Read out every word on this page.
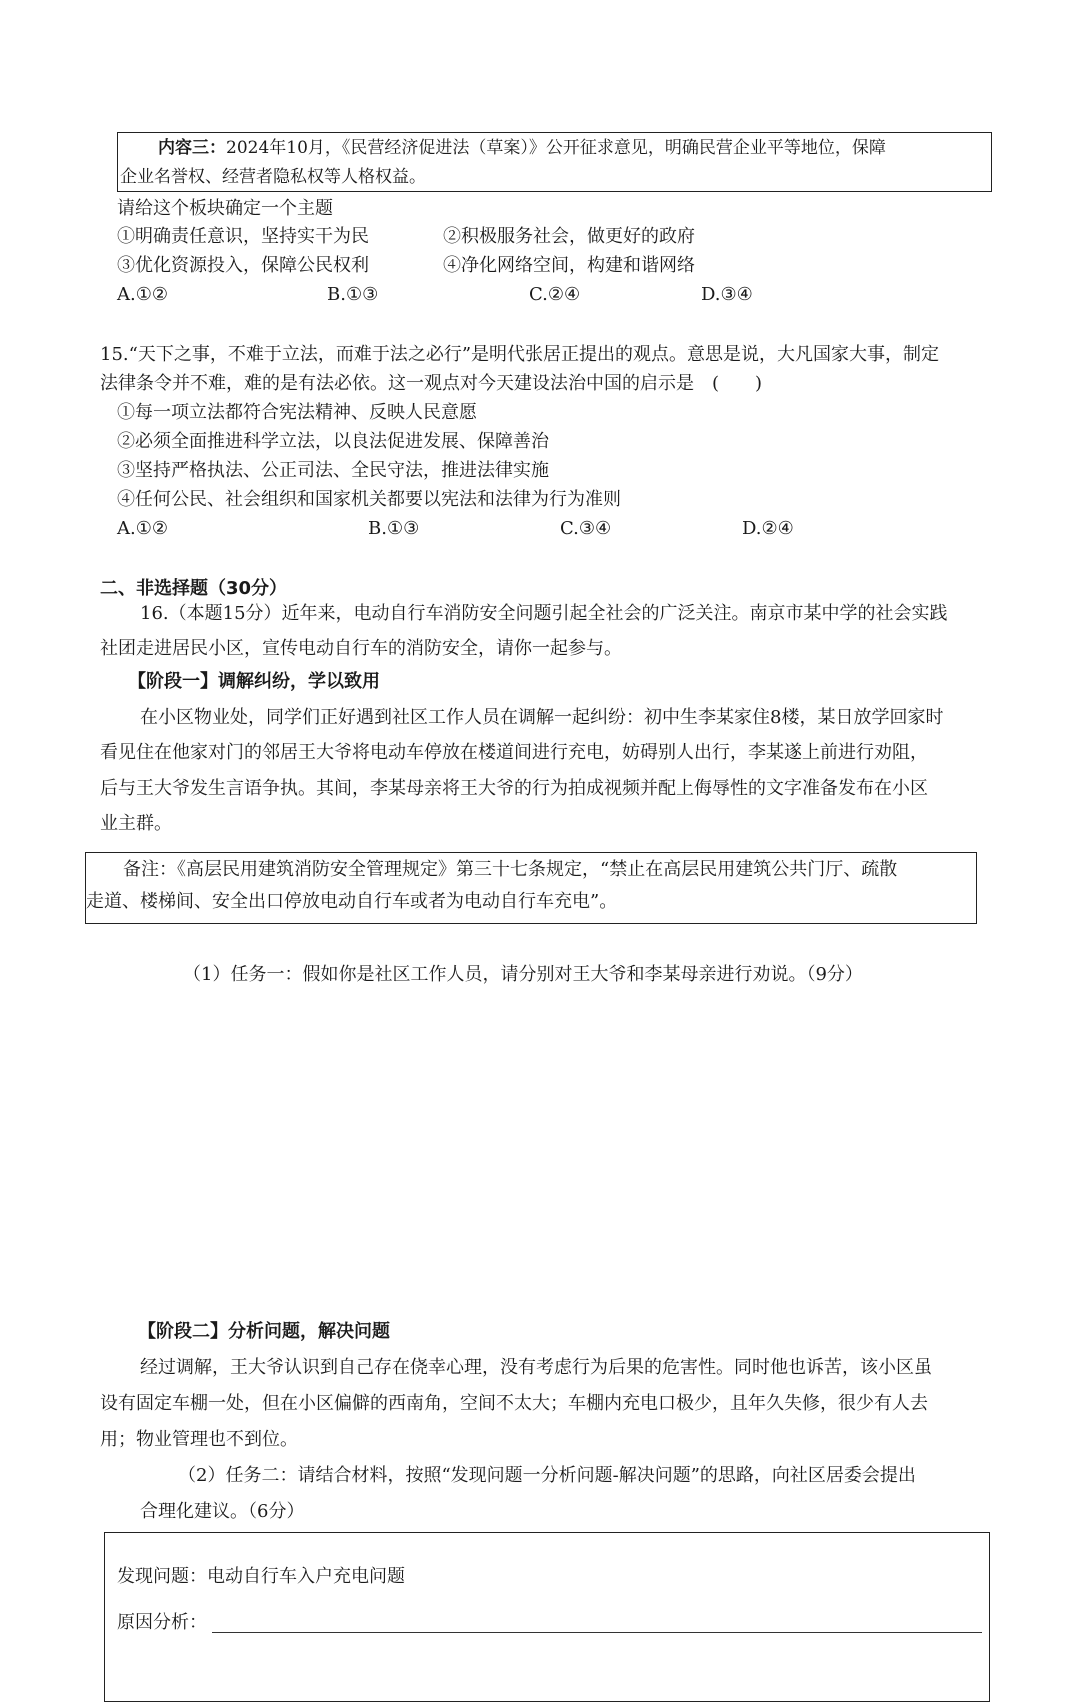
内容三：2024年10月，《民营经济促进法（草案）》公开征求意见，明确民营企业平等地位，保障
企业名誉权、经营者隐私权等人格权益。
请给这个板块确定一个主题
①明确责任意识，坚持实干为民	②积极服务社会，做更好的政府
③优化资源投入，保障公民权利	④净化网络空间，构建和谐网络
A.①②	B.①③	C.②④	D.③④
15.“天下之事，不难于立法，而难于法之必行”是明代张居正提出的观点。意思是说，大凡国家大事，制定
法律条令并不难，难的是有法必依。这一观点对今天建设法治中国的启示是　(　　)
①每一项立法都符合宪法精神、反映人民意愿
②必须全面推进科学立法，以良法促进发展、保障善治
③坚持严格执法、公正司法、全民守法，推进法律实施
④任何公民、社会组织和国家机关都要以宪法和法律为行为准则
A.①②	B.①③	C.③④	D.②④
二、非选择题（30分）
16.（本题15分）近年来，电动自行车消防安全问题引起全社会的广泛关注。南京市某中学的社会实践
社团走进居民小区，宣传电动自行车的消防安全，请你一起参与。
【阶段一】调解纠纷，学以致用
在小区物业处，同学们正好遇到社区工作人员在调解一起纠纷：初中生李某家住8楼，某日放学回家时
看见住在他家对门的邻居王大爷将电动车停放在楼道间进行充电，妨碍别人出行，李某遂上前进行劝阻，
后与王大爷发生言语争执。其间，李某母亲将王大爷的行为拍成视频并配上侮辱性的文字准备发布在小区
业主群。
备注：《高层民用建筑消防安全管理规定》第三十七条规定，“禁止在高层民用建筑公共门厅、疏散
走道、楼梯间、安全出口停放电动自行车或者为电动自行车充电”。
（1）任务一：假如你是社区工作人员，请分别对王大爷和李某母亲进行劝说。（9分）
【阶段二】分析问题，解决问题
经过调解，王大爷认识到自己存在侥幸心理，没有考虑行为后果的危害性。同时他也诉苦，该小区虽
设有固定车棚一处，但在小区偏僻的西南角，空间不太大；车棚内充电口极少，且年久失修，很少有人去
用；物业管理也不到位。
（2）任务二：请结合材料，按照“发现问题一分析问题-解决问题”的思路，向社区居委会提出
合理化建议。（6分）
发现问题：电动自行车入户充电问题
原因分析：
